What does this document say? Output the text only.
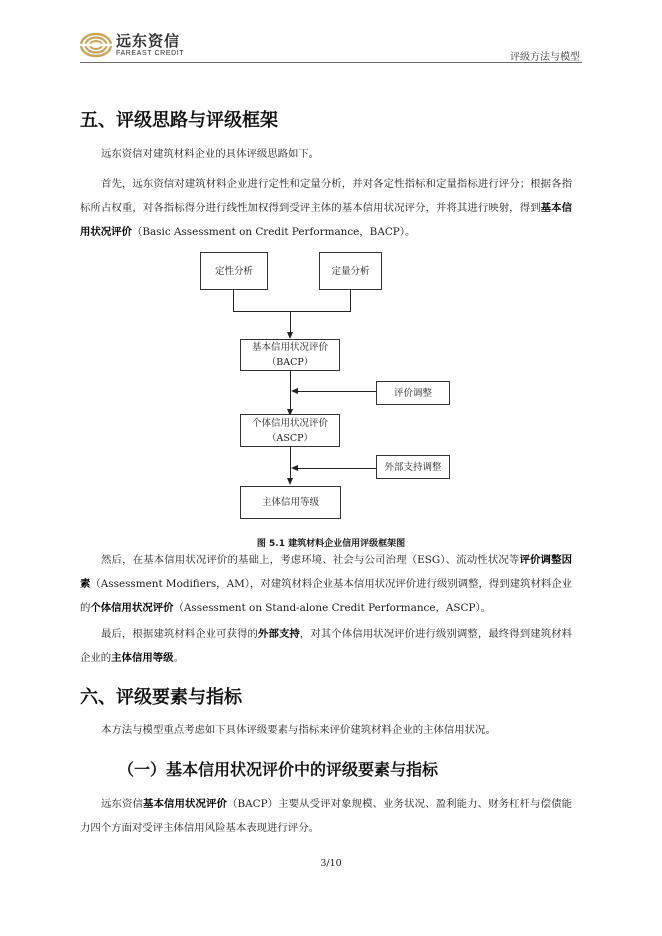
远东资信
FAREAST CREDIT	评级方法与模型
五、评级思路与评级框架

远东资信对建筑材料企业的具体评级思路如下。

首先，远东资信对建筑材料企业进行定性和定量分析，并对各定性指标和定量指标进行评分；根据各指标所占权重，对各指标得分进行线性加权得到受评主体的基本信用状况评分，并将其进行映射，得到基本信用状况评价（Basic Assessment on Credit Performance，BACP）。

定性分析	定量分析
基本信用状况评价
（BACP）
评价调整
个体信用状况评价
（ASCP）
外部支持调整
主体信用等级
图 5.1 建筑材料企业信用评级框架图

然后，在基本信用状况评价的基础上，考虑环境、社会与公司治理（ESG）、流动性状况等评价调整因素（Assessment Modifiers，AM），对建筑材料企业基本信用状况评价进行级别调整，得到建筑材料企业的个体信用状况评价（Assessment on Stand-alone Credit Performance，ASCP）。

最后，根据建筑材料企业可获得的外部支持，对其个体信用状况评价进行级别调整，最终得到建筑材料企业的主体信用等级。

六、评级要素与指标

本方法与模型重点考虑如下具体评级要素与指标来评价建筑材料企业的主体信用状况。

（一）基本信用状况评价中的评级要素与指标

远东资信基本信用状况评价（BACP）主要从受评对象规模、业务状况、盈利能力、财务杠杆与偿债能力四个方面对受评主体信用风险基本表现进行评分。

3/10
